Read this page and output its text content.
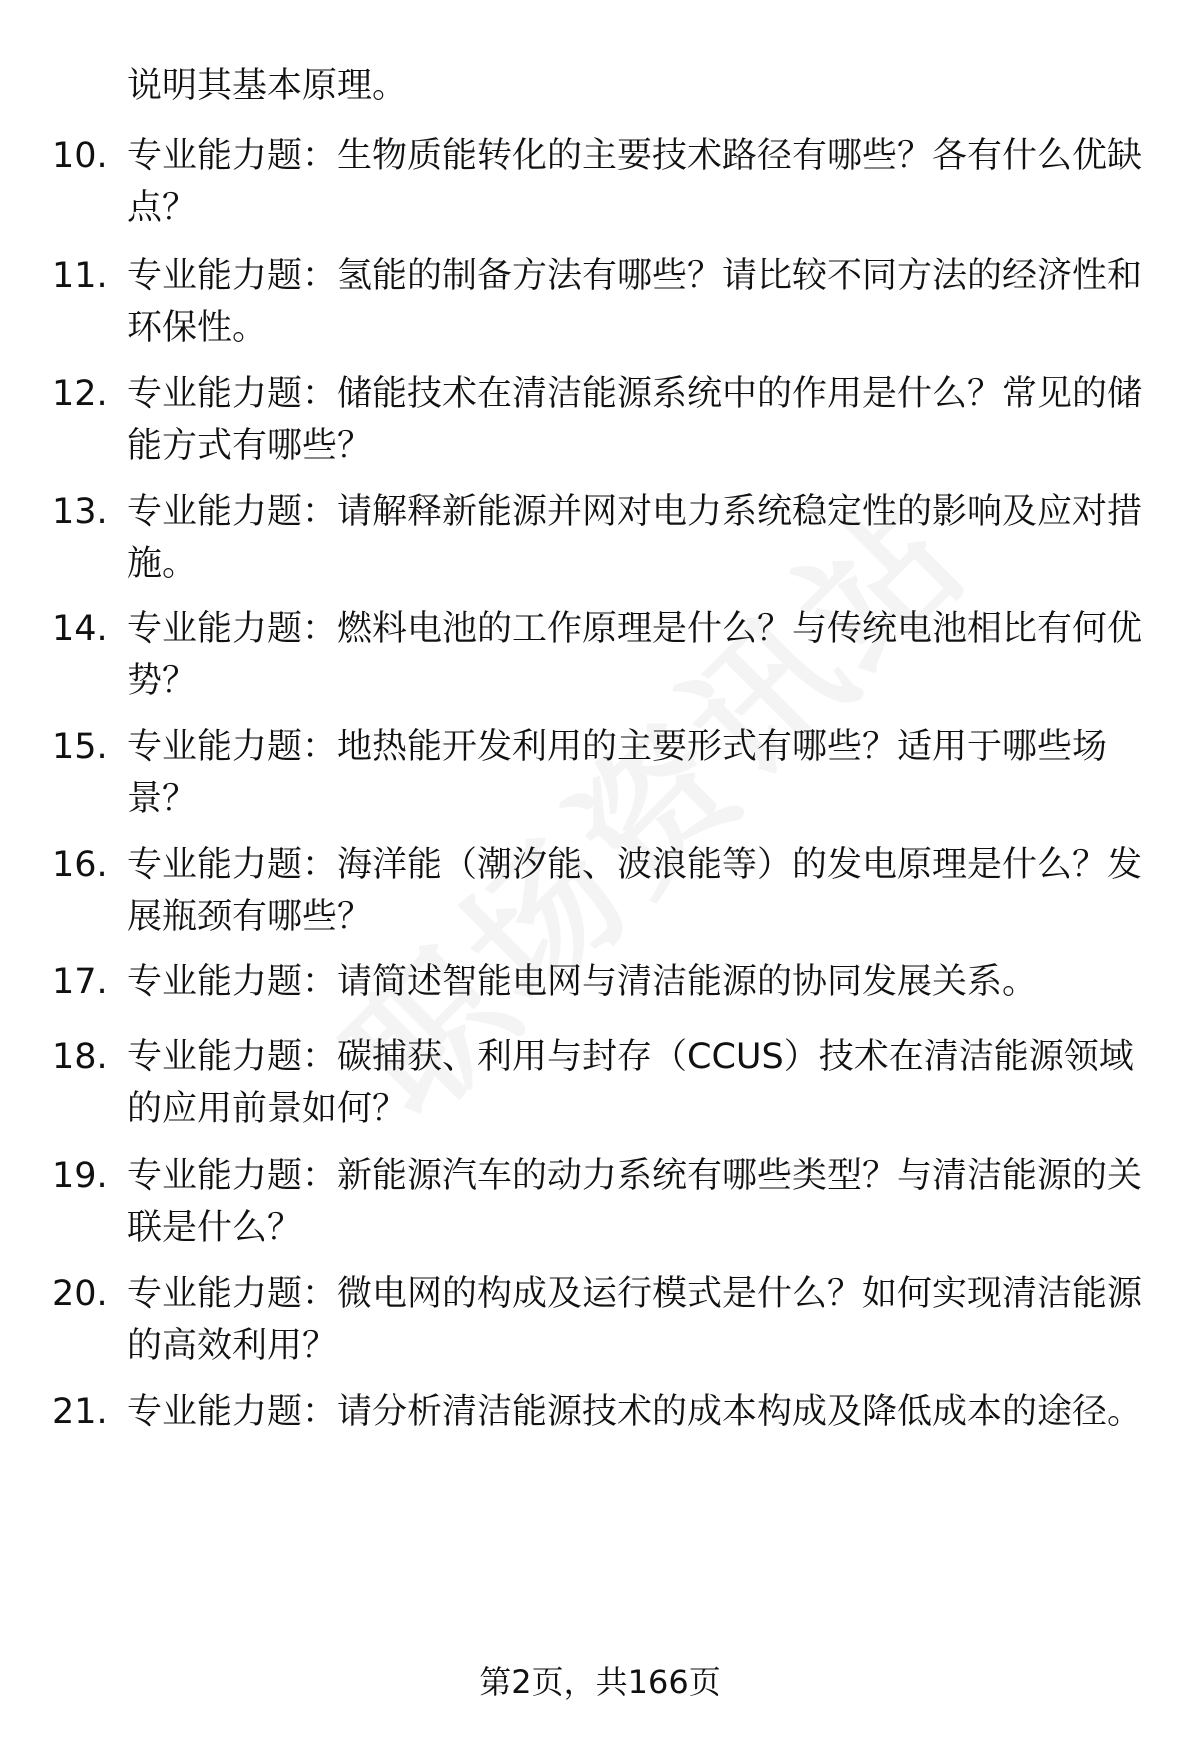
说明其基本原理。

10. 专业能力题：生物质能转化的主要技术路径有哪些？各有什么优缺点？

11. 专业能力题：氢能的制备方法有哪些？请比较不同方法的经济性和环保性。

12. 专业能力题：储能技术在清洁能源系统中的作用是什么？常见的储能方式有哪些？

13. 专业能力题：请解释新能源并网对电力系统稳定性的影响及应对措施。

14. 专业能力题：燃料电池的工作原理是什么？与传统电池相比有何优势？

15. 专业能力题：地热能开发利用的主要形式有哪些？适用于哪些场景？

16. 专业能力题：海洋能（潮汐能、波浪能等）的发电原理是什么？发展瓶颈有哪些？

17. 专业能力题：请简述智能电网与清洁能源的协同发展关系。

18. 专业能力题：碳捕获、利用与封存（CCUS）技术在清洁能源领域的应用前景如何？

19. 专业能力题：新能源汽车的动力系统有哪些类型？与清洁能源的关联是什么？

20. 专业能力题：微电网的构成及运行模式是什么？如何实现清洁能源的高效利用？

21. 专业能力题：请分析清洁能源技术的成本构成及降低成本的途径。

第2页，共166页
